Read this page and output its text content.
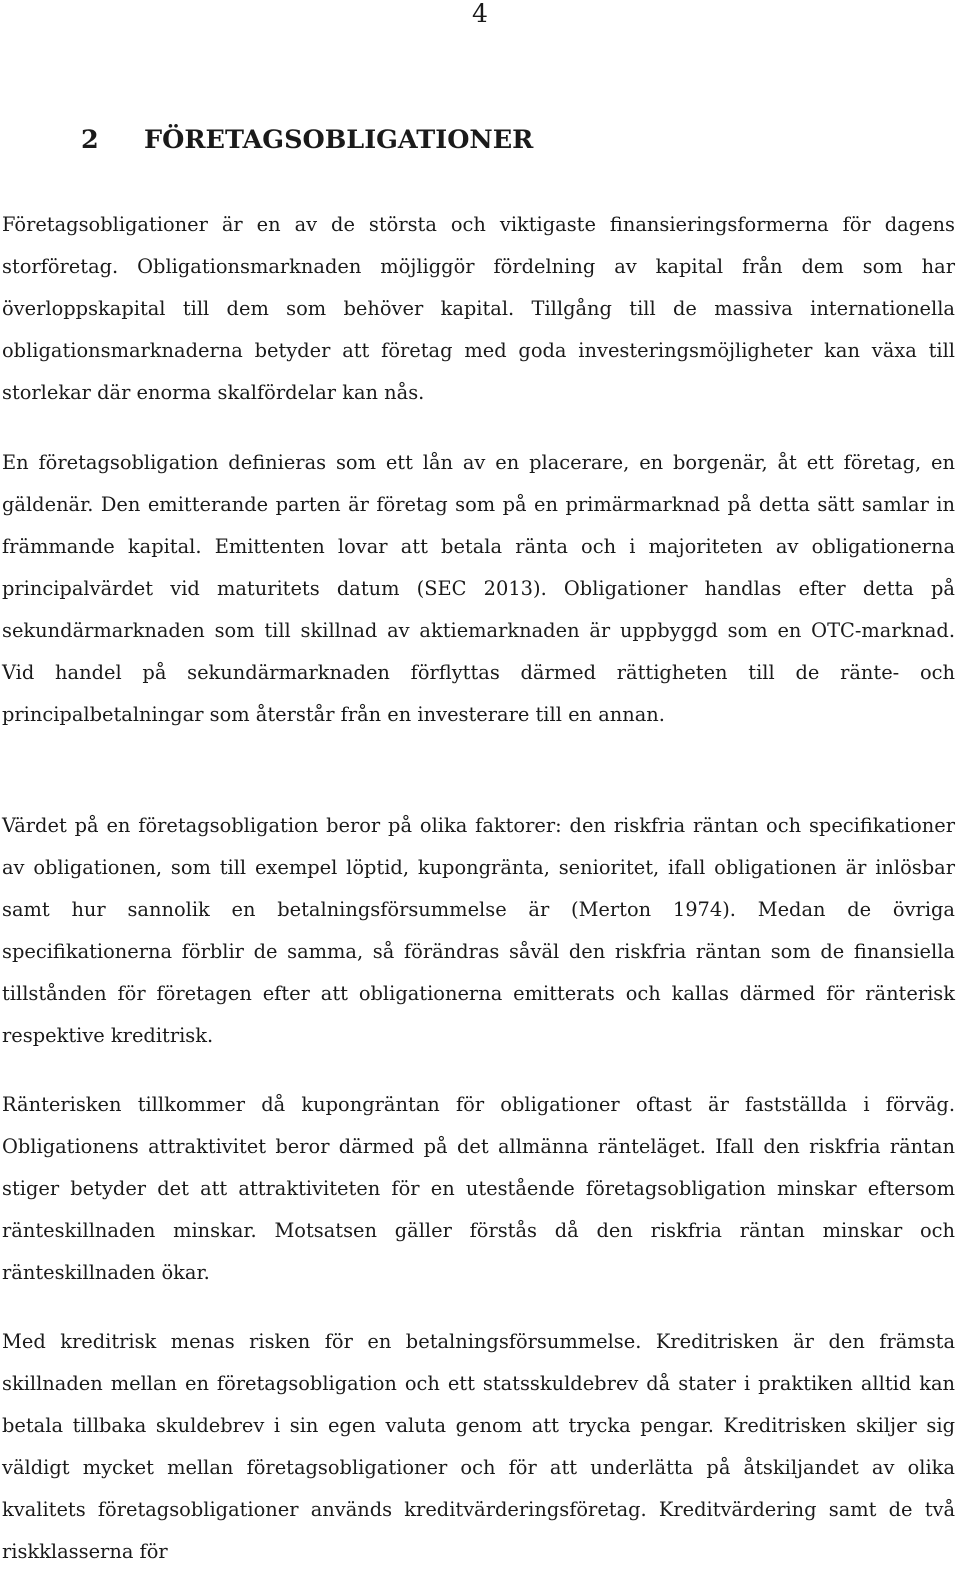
4
2 FÖRETAGSOBLIGATIONER

Företagsobligationer är en av de största och viktigaste finansieringsformerna för dagens storföretag. Obligationsmarknaden möjliggör fördelning av kapital från dem som har överloppskapital till dem som behöver kapital. Tillgång till de massiva internationella obligationsmarknaderna betyder att företag med goda investeringsmöjligheter kan växa till storlekar där enorma skalfördelar kan nås.

En företagsobligation definieras som ett lån av en placerare, en borgenär, åt ett företag, en gäldenär. Den emitterande parten är företag som på en primärmarknad på detta sätt samlar in främmande kapital. Emittenten lovar att betala ränta och i majoriteten av obligationerna principalvärdet vid maturitets datum (SEC 2013). Obligationer handlas efter detta på sekundärmarknaden som till skillnad av aktiemarknaden är uppbyggd som en OTC-marknad. Vid handel på sekundärmarknaden förflyttas därmed rättigheten till de ränte- och principalbetalningar som återstår från en investerare till en annan.

Värdet på en företagsobligation beror på olika faktorer: den riskfria räntan och specifikationer av obligationen, som till exempel löptid, kupongränta, senioritet, ifall obligationen är inlösbar samt hur sannolik en betalningsförsummelse är (Merton 1974). Medan de övriga specifikationerna förblir de samma, så förändras såväl den riskfria räntan som de finansiella tillstånden för företagen efter att obligationerna emitterats och kallas därmed för ränterisk respektive kreditrisk.

Ränterisken tillkommer då kupongräntan för obligationer oftast är fastställda i förväg. Obligationens attraktivitet beror därmed på det allmänna ränteläget. Ifall den riskfria räntan stiger betyder det att attraktiviteten för en utestående företagsobligation minskar eftersom ränteskillnaden minskar. Motsatsen gäller förstås då den riskfria räntan minskar och ränteskillnaden ökar.

Med kreditrisk menas risken för en betalningsförsummelse. Kreditrisken är den främsta skillnaden mellan en företagsobligation och ett statsskuldebrev då stater i praktiken alltid kan betala tillbaka skuldebrev i sin egen valuta genom att trycka pengar. Kreditrisken skiljer sig väldigt mycket mellan företagsobligationer och för att underlätta på åtskiljandet av olika kvalitets företagsobligationer används kreditvärderingsföretag. Kreditvärdering samt de två riskklasserna för
